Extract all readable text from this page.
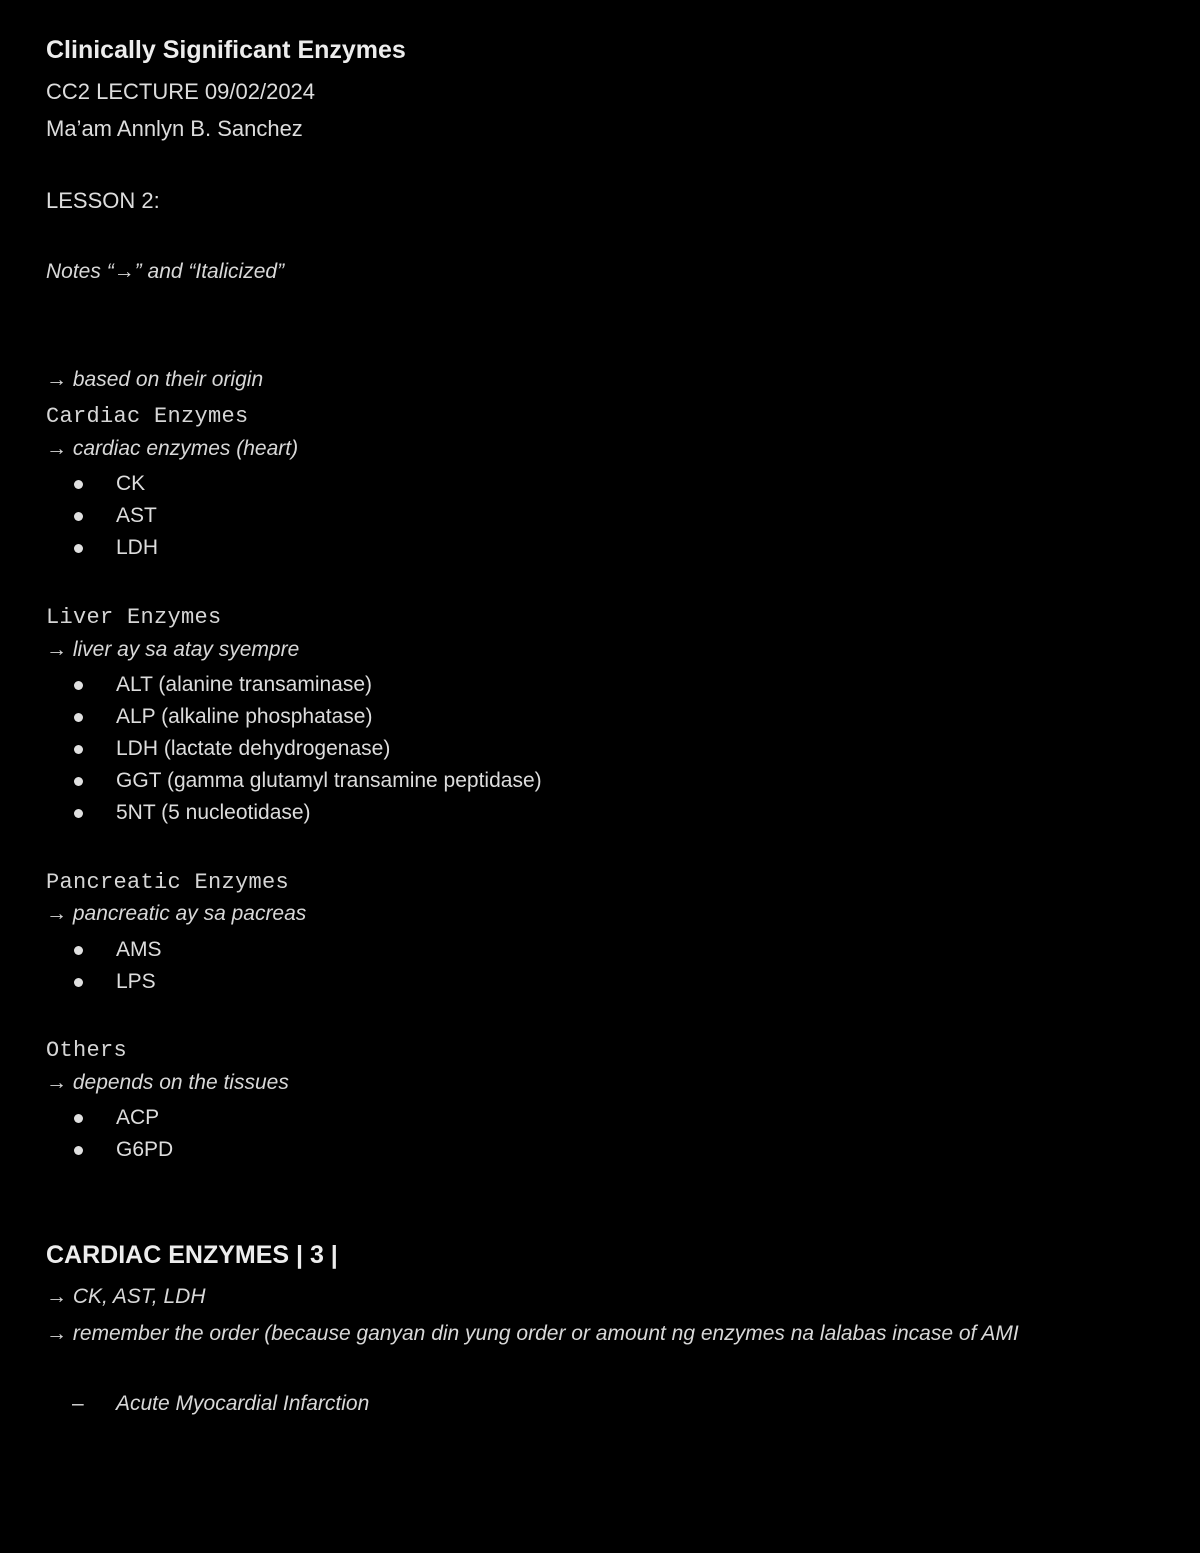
Clinically Significant Enzymes
CC2 LECTURE 09/02/2024
Ma’am Annlyn B. Sanchez
LESSON 2:
Notes “→” and “Italicized”
→ based on their origin
Cardiac Enzymes
→ cardiac enzymes (heart)
CK
AST
LDH
Liver Enzymes
→ liver ay sa atay syempre
ALT (alanine transaminase)
ALP (alkaline phosphatase)
LDH (lactate dehydrogenase)
GGT (gamma glutamyl transamine peptidase)
5NT (5 nucleotidase)
Pancreatic Enzymes
→ pancreatic ay sa pacreas
AMS
LPS
Others
→ depends on the tissues
ACP
G6PD
CARDIAC ENZYMES | 3 |
→ CK, AST, LDH
→ remember the order (because ganyan din yung order or amount ng enzymes na lalabas incase of AMI
– Acute Myocardial Infarction
